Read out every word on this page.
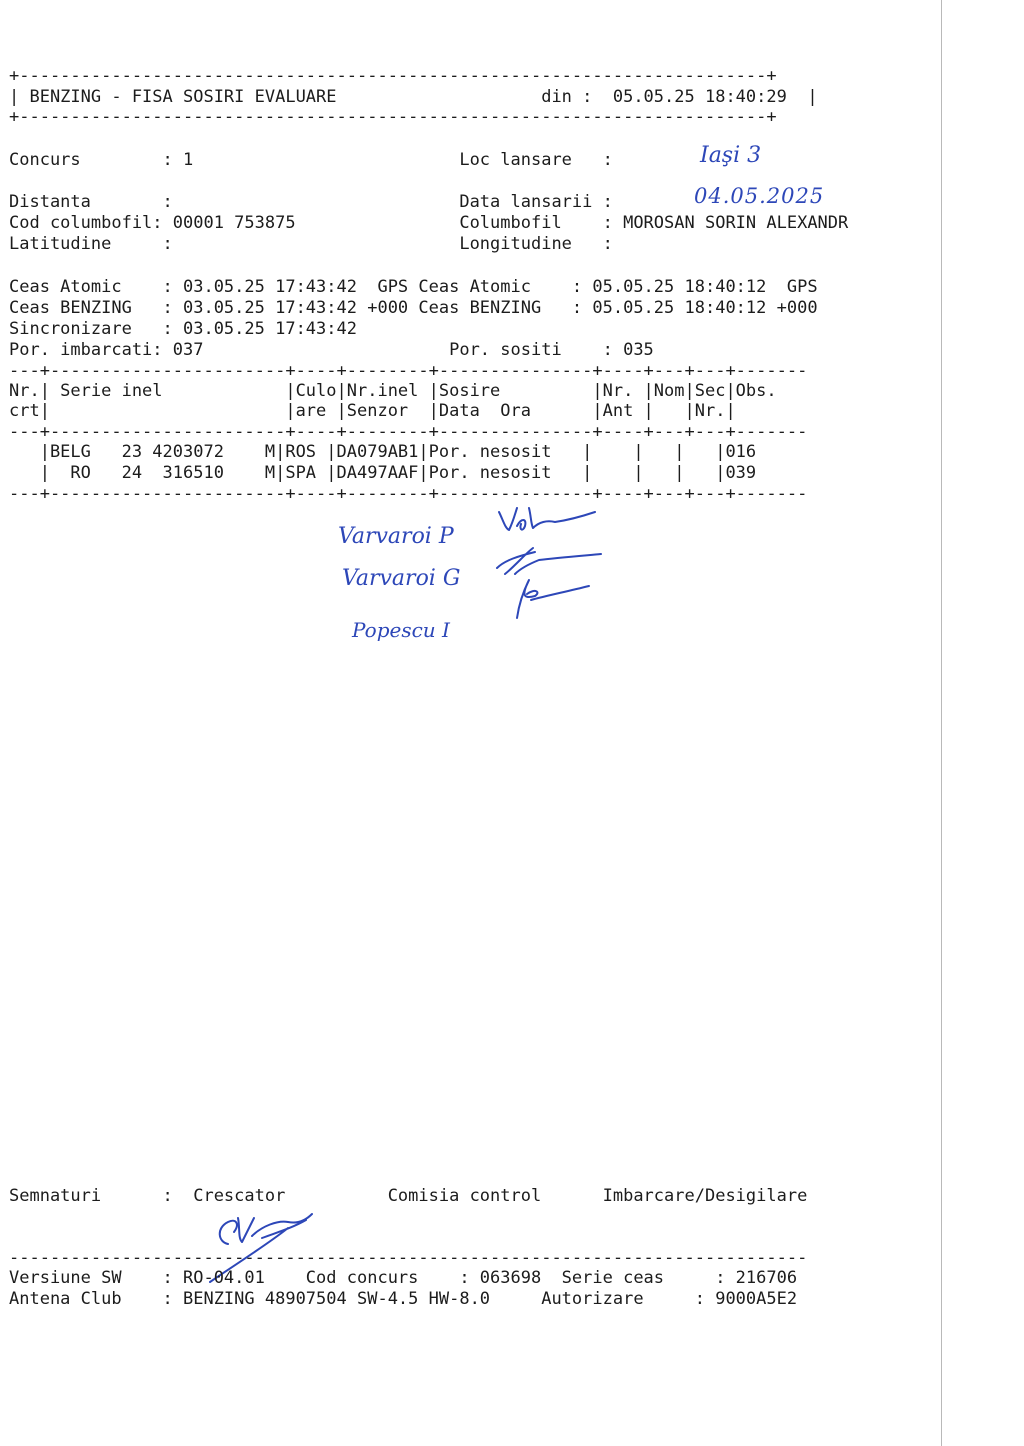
+-------------------------------------------------------------------------+

| BENZING - FISA SOSIRI EVALUARE                    din :  05.05.25 18:40:29  |

+-------------------------------------------------------------------------+

Concurs        : 1                          Loc lansare   :

Distanta       :                            Data lansarii :

Cod columbofil: 00001 753875                Columbofil    : MOROSAN SORIN ALEXANDR

Latitudine     :                            Longitudine   :

Ceas Atomic    : 03.05.25 17:43:42  GPS Ceas Atomic    : 05.05.25 18:40:12  GPS

Ceas BENZING   : 03.05.25 17:43:42 +000 Ceas BENZING   : 05.05.25 18:40:12 +000

Sincronizare   : 03.05.25 17:43:42

Por. imbarcati: 037                        Por. sositi    : 035

---+-----------------------+----+--------+---------------+----+---+---+-------

Nr.| Serie inel            |Culo|Nr.inel |Sosire         |Nr. |Nom|Sec|Obs.

crt|                       |are |Senzor  |Data  Ora      |Ant |   |Nr.|

---+-----------------------+----+--------+---------------+----+---+---+-------

|BELG   23 4203072    M|ROS |DA079AB1|Por. nesosit   |    |   |   |016

|  RO   24  316510    M|SPA |DA497AAF|Por. nesosit   |    |   |   |039

---+-----------------------+----+--------+---------------+----+---+---+-------

Iaşi 3

04.05.2025

Varvaroi P

Varvaroi G

Popescu I

Semnaturi      :  Crescator          Comisia control      Imbarcare/Desigilare

------------------------------------------------------------------------------

Versiune SW    : RO-04.01    Cod concurs    : 063698  Serie ceas     : 216706

Antena Club    : BENZING 48907504 SW-4.5 HW-8.0     Autorizare     : 9000A5E2
